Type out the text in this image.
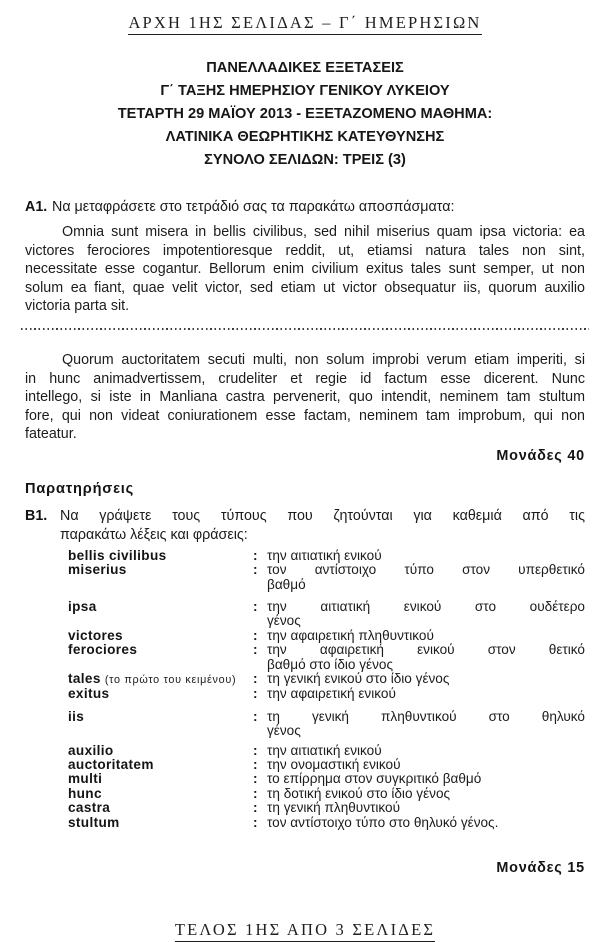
ΑΡΧΗ 1ΗΣ ΣΕΛΙΔΑΣ – Γ΄ ΗΜΕΡΗΣΙΩΝ
ΠΑΝΕΛΛΑΔΙΚΕΣ ΕΞΕΤΑΣΕΙΣ
Γ΄ ΤΑΞΗΣ ΗΜΕΡΗΣΙΟΥ ΓΕΝΙΚΟΥ ΛΥΚΕΙΟΥ
ΤΕΤΑΡΤΗ 29 ΜΑΪΟΥ 2013 - ΕΞΕΤΑΖΟΜΕΝΟ ΜΑΘΗΜΑ:
ΛΑΤΙΝΙΚΑ ΘΕΩΡΗΤΙΚΗΣ ΚΑΤΕΥΘΥΝΣΗΣ
ΣΥΝΟΛΟ ΣΕΛΙΔΩΝ: ΤΡΕΙΣ (3)
Α1. Να μεταφράσετε στο τετράδιό σας τα παρακάτω αποσπάσματα:
Omnia sunt misera in bellis civilibus, sed nihil miserius quam ipsa victoria: ea
victores ferociores impotentioresque reddit, ut, etiamsi natura tales non sint,
necessitate esse cogantur. Bellorum enim civilium exitus tales sunt semper, ut non
solum ea fiant, quae velit victor, sed etiam ut victor obsequatur iis, quorum auxilio
victoria parta sit.
Quorum auctoritatem secuti multi, non solum improbi verum etiam imperiti, si
in hunc animadvertissem, crudeliter et regie id factum esse dicerent. Nunc
intellego, si iste in Manliana castra pervenerit, quo intendit, neminem tam stultum
fore, qui non videat coniurationem esse factam, neminem tam improbum, qui non
fateatur.
Μονάδες 40
Παρατηρήσεις
Β1. Να γράψετε τους τύπους που ζητούνται για καθεμιά από τις
παρακάτω λέξεις και φράσεις:
bellis civilibus	: την αιτιατική ενικού
miserius	: τον αντίστοιχο τύπο στον υπερθετικό
βαθμό
ipsa	: την αιτιατική ενικού στο ουδέτερο
γένος
victores	: την αφαιρετική πληθυντικού
ferociores	: την αφαιρετική ενικού στον θετικό
βαθμό στο ίδιο γένος
tales (το πρώτο του κειμένου)	: τη γενική ενικού στο ίδιο γένος
exitus	: την αφαιρετική ενικού
iis	: τη γενική πληθυντικού στο θηλυκό
γένος
auxilio	: την αιτιατική ενικού
auctoritatem	: την ονομαστική ενικού
multi	: το επίρρημα στον συγκριτικό βαθμό
hunc	: τη δοτική ενικού στο ίδιο γένος
castra	: τη γενική πληθυντικού
stultum	: τον αντίστοιχο τύπο στο θηλυκό γένος.
Μονάδες 15
ΤΕΛΟΣ 1ΗΣ ΑΠΟ 3 ΣΕΛΙΔΕΣ
